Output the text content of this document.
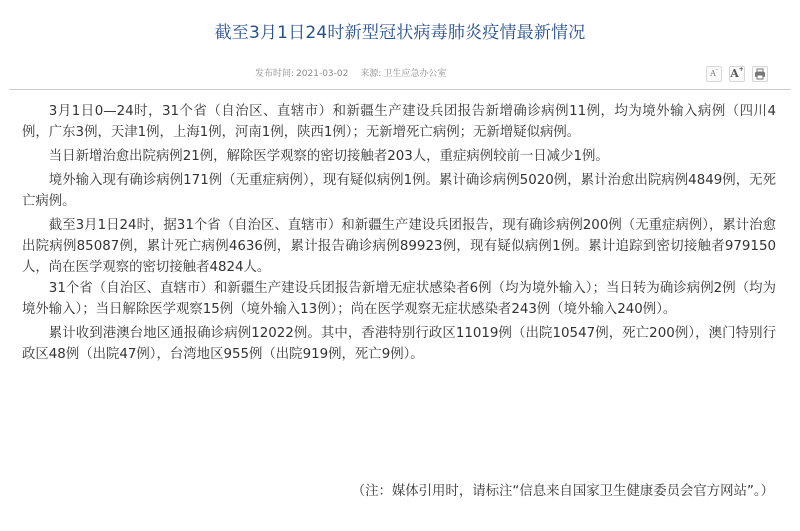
截至3月1日24时新型冠状病毒肺炎疫情最新情况
发布时间: 2021-03-02 来源: 卫生应急办公室	A-	A+

3月1日0—24时，31个省（自治区、直辖市）和新疆生产建设兵团报告新增确诊病例11例，均为境外输入病例（四川4例，广东3例，天津1例，上海1例，河南1例，陕西1例）；无新增死亡病例；无新增疑似病例。

当日新增治愈出院病例21例，解除医学观察的密切接触者203人，重症病例较前一日减少1例。

境外输入现有确诊病例171例（无重症病例），现有疑似病例1例。累计确诊病例5020例，累计治愈出院病例4849例，无死亡病例。

截至3月1日24时，据31个省（自治区、直辖市）和新疆生产建设兵团报告，现有确诊病例200例（无重症病例），累计治愈出院病例85087例，累计死亡病例4636例，累计报告确诊病例89923例，现有疑似病例1例。累计追踪到密切接触者979150人，尚在医学观察的密切接触者4824人。

31个省（自治区、直辖市）和新疆生产建设兵团报告新增无症状感染者6例（均为境外输入）；当日转为确诊病例2例（均为境外输入）；当日解除医学观察15例（境外输入13例）；尚在医学观察无症状感染者243例（境外输入240例）。

累计收到港澳台地区通报确诊病例12022例。其中，香港特别行政区11019例（出院10547例，死亡200例），澳门特别行政区48例（出院47例），台湾地区955例（出院919例，死亡9例）。

（注：媒体引用时，请标注“信息来自国家卫生健康委员会官方网站”。）
